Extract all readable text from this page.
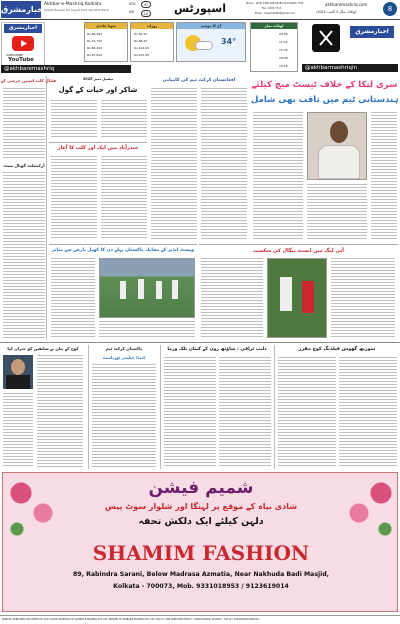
اخبارمشرق
Akhbar-e-Mashriq Kolkata
Kolkata Tuesday 4th August 2024 Sep 2024 RNI-N
VOL	47
NO	10	اسپورٹس	Phone : (033) 2265 0263/2265 0113/2265 7705
Fax : 0033 7713
Email : mashriq1963@gmail.com
akhbaremashriq.com
کولکاتا، منگل 4 اگست 2024ء	8
اخبارمشرق
SUBSCRIBE
YouTube
@akhbaremashriq
سونا چاندی
Rs.68,490
Rs.74,720
Rs.84,400
Rs.87,000
روزانہ
Rs.95.22
Rs.88.25
Rs.102.00
Rs.915.00
آج کا موسم
34°
اوقات نماز
04:56
11:52
15:26
18:08
19:16
اخبارمشرق
@akhbarmashriqin
فٹبال کلب اسپین جرمنی کے
آرکیٹیکٹ گوپال سیٹ
نیشنل نمبر 2025
شاکر اور حیات کے گول
حیدرآباد میں ایک اور کلب کا آغاز
افغانستان کرکٹ ٹیم کی کامیابی	سری لنکا کے خلاف ٹیسٹ میچ کیلئے
ہندستانی ٹیم میں ثاقب بھی شامل
ویسٹ انڈیز کے مقابلہ پاکستان پہلے دن کا کھیل بارش سے متاثر	آئی لیگ میں ایسٹ بنگال کی شکست
کوچ کے بیان نے شائقین کو حیران کیا	پاکستان کرکٹ ٹیم
کنیڈا چیلنجر ٹورنامنٹ
دلیپ ٹرافی : ساؤتھ زون کے کپتان تلک ورما	سوربھ گھوش فیلڈنگ کوچ مقرر
شمیم فیشن
شادی بیاہ کے موقع پر لہنگا اور شلوار سوٹ پیس
دلہن کیلئے ایک دلکش تحفہ
SHAMIM FASHION
89, Rabindra Sarani, Below Madrasa Azmatia, Near Nakhuda Badi Masjid,
Kolkata - 700073, Mob. 9331018953 / 9123619014
PRINTED, PUBLISHED AND EDITED BY M.W. HAQUE ON BEHALF OF AKHBAR-E-MASHRIQ PVT. LTD. PRINTED AT AKHBAR-E-MASHRIQ PVT. LTD. 700 017 AND PUBLISHED FROM 7, DARGAH ROAD, KOLKATA - 700 017. RNI REGISTRATION NO.
